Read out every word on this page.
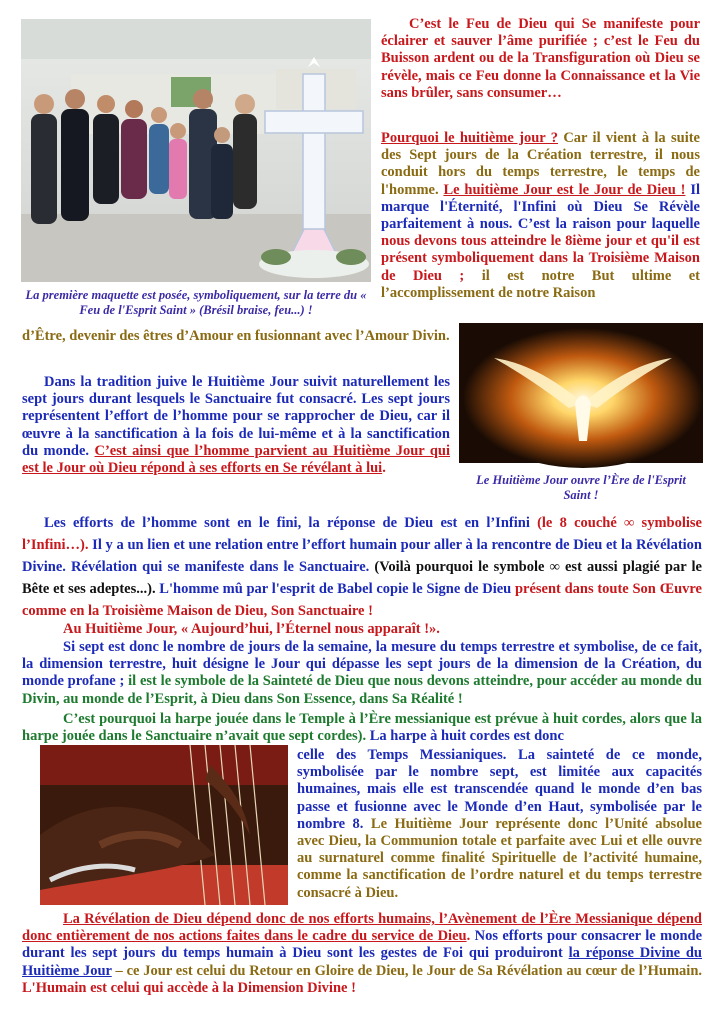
La première maquette est posée, symboliquement, sur la terre du « Feu de l'Esprit Saint » (Brésil braise, feu...) !
C’est le Feu de Dieu qui Se manifeste pour éclairer et sauver l’âme purifiée ; c’est le Feu du Buisson ardent ou de la Transfiguration où Dieu se révèle, mais ce Feu donne la Connaissance et la Vie sans brûler, sans consumer…
Pourquoi le huitième jour ? Car il vient à la suite des Sept jours de la Création terrestre, il nous conduit hors du temps terrestre, le temps de l'homme. Le huitième Jour est le Jour de Dieu ! Il marque l'Éternité, l'Infini où Dieu Se Révèle parfaitement à nous. C’est la raison pour laquelle nous devons tous atteindre le 8ième jour et qu'il est présent symboliquement dans la Troisième Maison de Dieu ; il est notre But ultime et l’accomplissement de notre Raison
d’Être, devenir des êtres d’Amour en fusionnant avec l’Amour Divin.
Dans la tradition juive le Huitième Jour suivit naturellement les sept jours durant lesquels le Sanctuaire fut consacré. Les sept jours représentent l’effort de l’homme pour se rapprocher de Dieu, car il œuvre à la sanctification à la fois de lui-même et à la sanctification du monde. C’est ainsi que l’homme parvient au Huitième Jour qui est le Jour où Dieu répond à ses efforts en Se révélant à lui.
Le Huitième Jour ouvre l’Ère de l'Esprit Saint !
Les efforts de l’homme sont en le fini, la réponse de Dieu est en l’Infini (le 8 couché ∞ symbolise l’Infini…). Il y a un lien et une relation entre l’effort humain pour aller à la rencontre de Dieu et la Révélation Divine. Révélation qui se manifeste dans le Sanctuaire. (Voilà pourquoi le symbole ∞ est aussi plagié par le Bête et ses adeptes...). L'homme mû par l'esprit de Babel copie le Signe de Dieu présent dans toute Son Œuvre comme en la Troisième Maison de Dieu, Son Sanctuaire !
Au Huitième Jour, « Aujourd’hui, l’Éternel nous apparaît !».
Si sept est donc le nombre de jours de la semaine, la mesure du temps terrestre et symbolise, de ce fait, la dimension terrestre, huit désigne le Jour qui dépasse les sept jours de la dimension de la Création, du monde profane ; il est le symbole de la Sainteté de Dieu que nous devons atteindre, pour accéder au monde du Divin, au monde de l’Esprit, à Dieu dans Son Essence, dans Sa Réalité !
C’est pourquoi la harpe jouée dans le Temple à l’Ère messianique est prévue à huit cordes, alors que la harpe jouée dans le Sanctuaire n’avait que sept cordes). La harpe à huit cordes est donc
celle des Temps Messianiques. La sainteté de ce monde, symbolisée par le nombre sept, est limitée aux capacités humaines, mais elle est transcendée quand le monde d’en bas passe et fusionne avec le Monde d’en Haut, symbolisée par le nombre 8. Le Huitième Jour représente donc l’Unité absolue avec Dieu, la Communion totale et parfaite avec Lui et elle ouvre au surnaturel comme finalité Spirituelle de l’activité humaine, comme la sanctification de l’ordre naturel et du temps terrestre consacré à Dieu.
La Révélation de Dieu dépend donc de nos efforts humains, l’Avènement de l’Ère Messianique dépend donc entièrement de nos actions faites dans le cadre du service de Dieu. Nos efforts pour consacrer le monde durant les sept jours du temps humain à Dieu sont les gestes de Foi qui produiront la réponse Divine du Huitième Jour – ce Jour est celui du Retour en Gloire de Dieu, le Jour de Sa Révélation au cœur de l’Humain. L'Humain est celui qui accède à la Dimension Divine !
